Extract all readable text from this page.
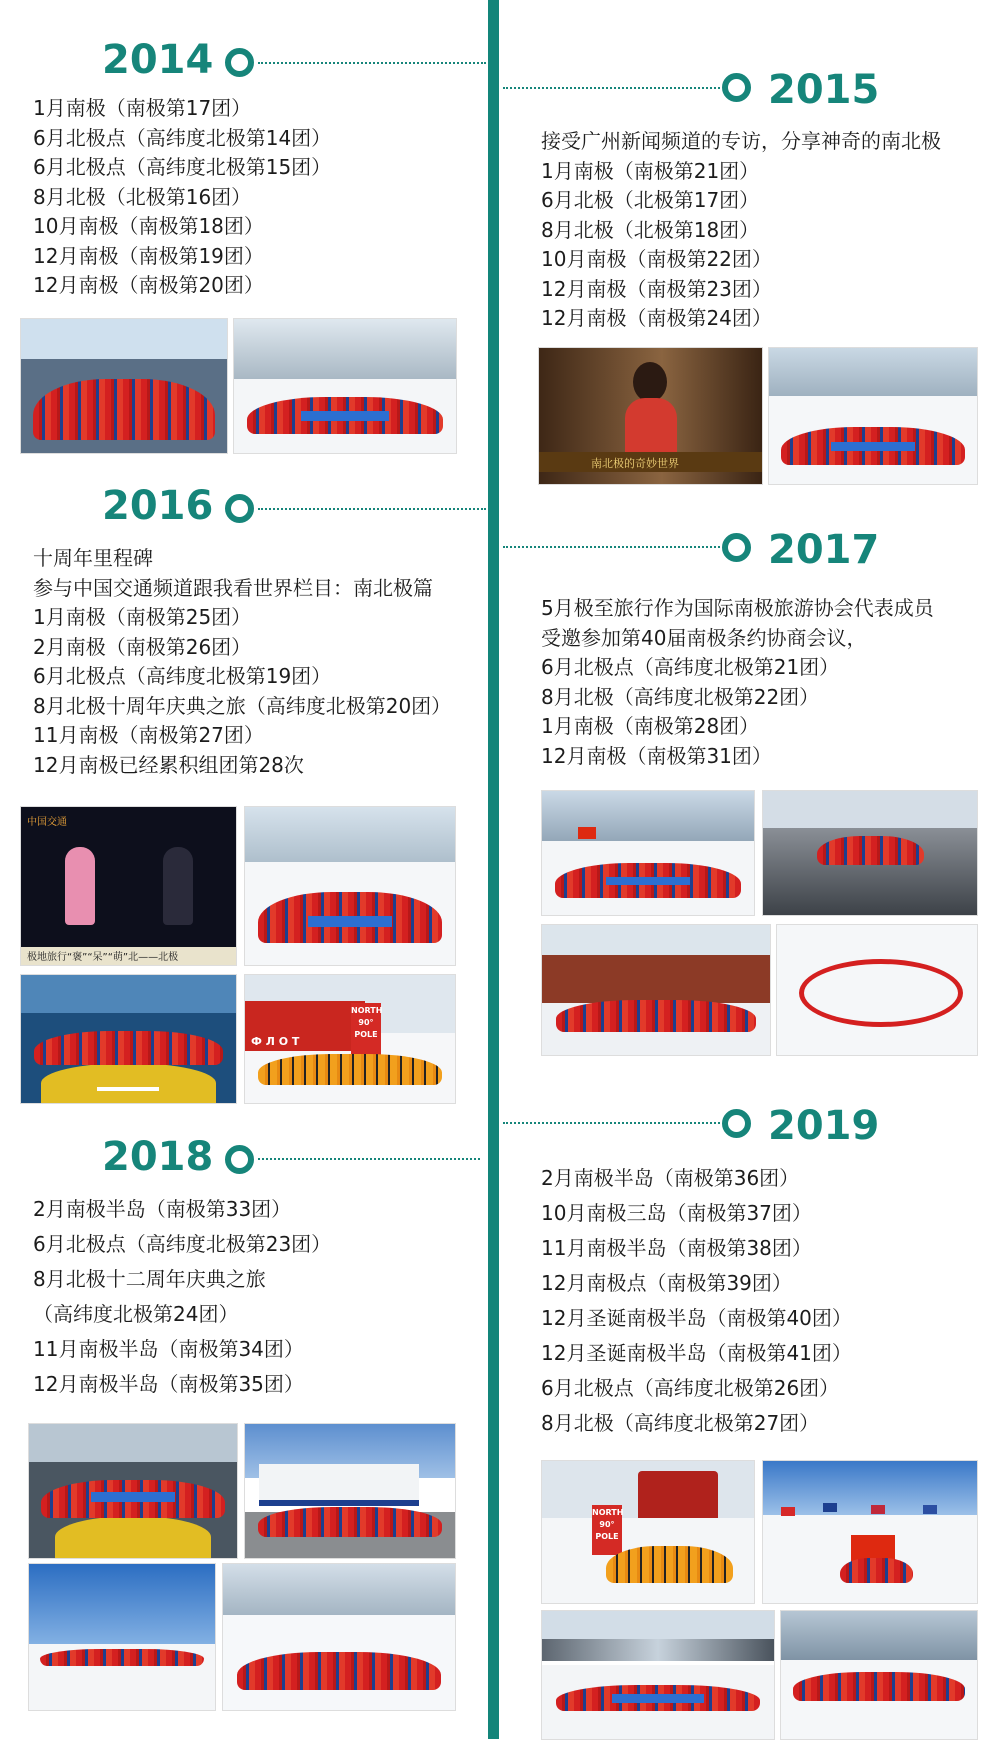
2014
1月南极（南极第17团）
6月北极点（高纬度北极第14团）
6月北极点（高纬度北极第15团）
8月北极（北极第16团）
10月南极（南极第18团）
12月南极（南极第19团）
12月南极（南极第20团）
2015
接受广州新闻频道的专访，分享神奇的南北极
1月南极（南极第21团）
6月北极（北极第17团）
8月北极（北极第18团）
10月南极（南极第22团）
12月南极（南极第23团）
12月南极（南极第24团）
南北极的奇妙世界
2016
十周年里程碑
参与中国交通频道跟我看世界栏目：南北极篇
1月南极（南极第25团）
2月南极（南极第26团）
6月北极点（高纬度北极第19团）
8月北极十周年庆典之旅（高纬度北极第20团）
11月南极（南极第27团）
12月南极已经累积组团第28次
中国交通
极地旅行“褒”“呆”“萌”北——北极
Ф Л О Т
NORTH 90° POLE
2017
5月极至旅行作为国际南极旅游协会代表成员
受邀参加第40届南极条约协商会议，
6月北极点（高纬度北极第21团）
8月北极（高纬度北极第22团）
1月南极（南极第28团）
12月南极（南极第31团）
2018
2月南极半岛（南极第33团）
6月北极点（高纬度北极第23团）
8月北极十二周年庆典之旅
（高纬度北极第24团）
11月南极半岛（南极第34团）
12月南极半岛（南极第35团）
2019
2月南极半岛（南极第36团）
10月南极三岛（南极第37团）
11月南极半岛（南极第38团）
12月南极点（南极第39团）
12月圣诞南极半岛（南极第40团）
12月圣诞南极半岛（南极第41团）
6月北极点（高纬度北极第26团）
8月北极（高纬度北极第27团）
NORTH 90° POLE
